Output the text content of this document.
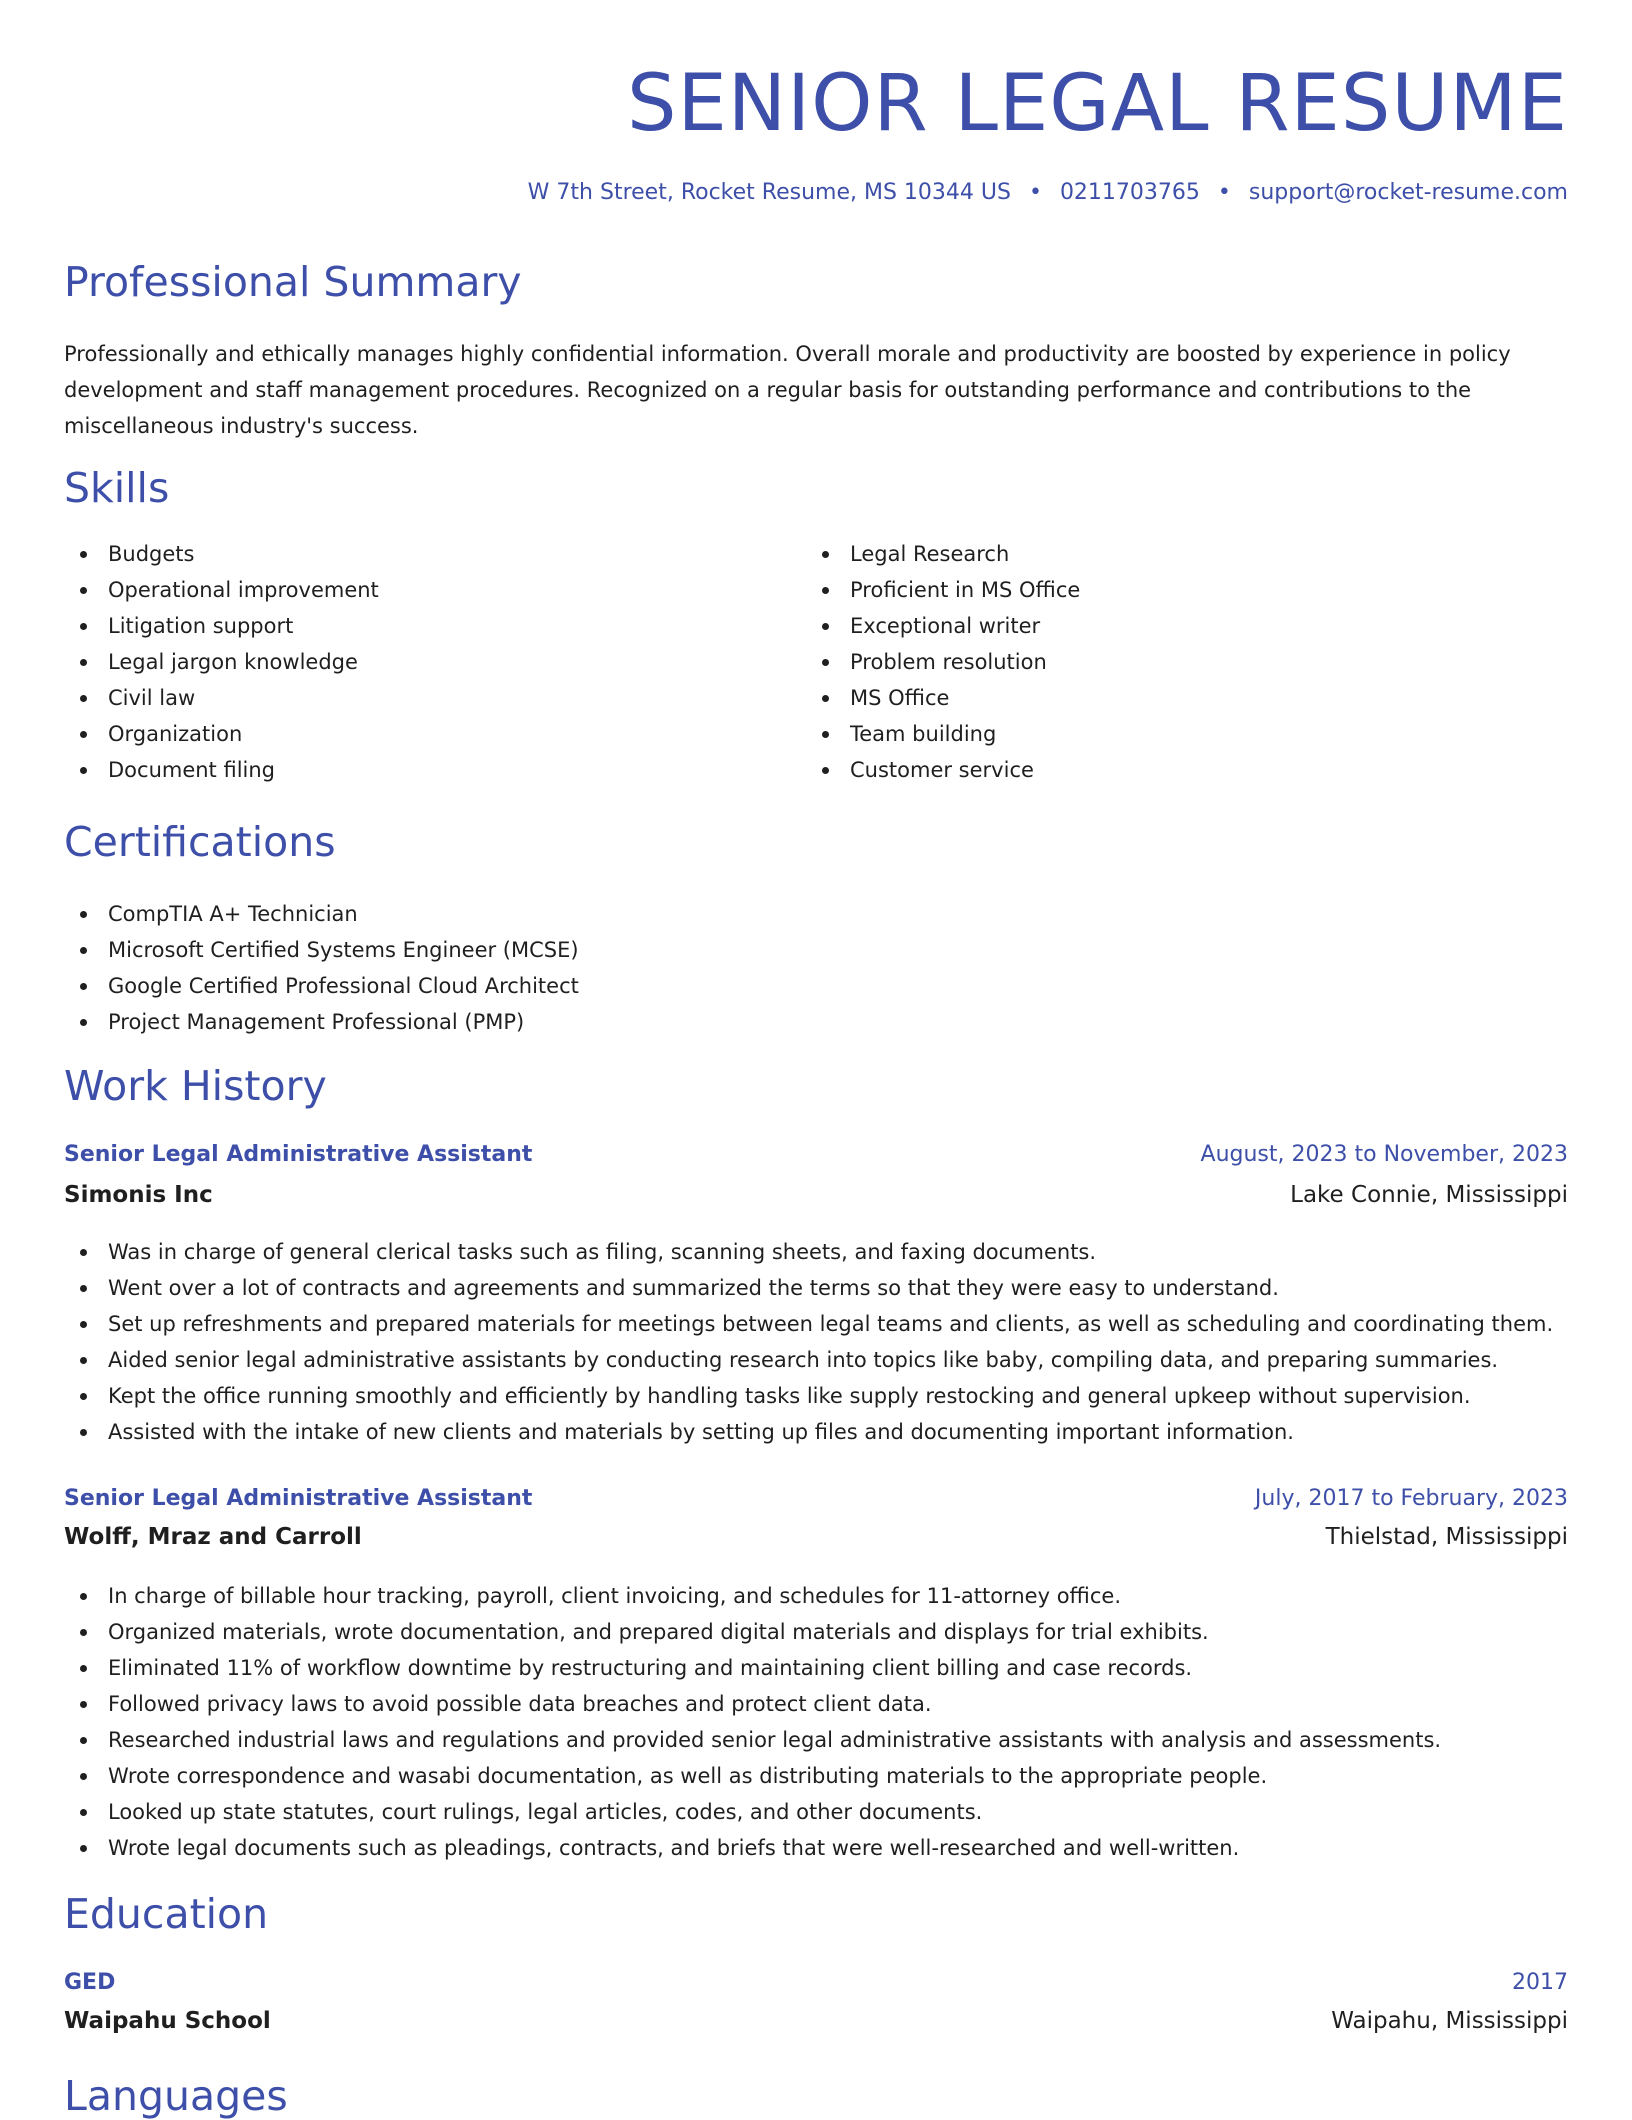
SENIOR LEGAL RESUME
W 7th Street, Rocket Resume, MS 10344 US • 0211703765 • support@rocket-resume.com
Professional Summary

Professionally and ethically manages highly confidential information. Overall morale and productivity are boosted by experience in policy development and staff management procedures. Recognized on a regular basis for outstanding performance and contributions to the miscellaneous industry's success.

Skills
Budgets
Operational improvement
Litigation support
Legal jargon knowledge
Civil law
Organization
Document filing
Legal Research
Proficient in MS Office
Exceptional writer
Problem resolution
MS Office
Team building
Customer service
Certifications
CompTIA A+ Technician
Microsoft Certified Systems Engineer (MCSE)
Google Certified Professional Cloud Architect
Project Management Professional (PMP)
Work History
Senior Legal Administrative Assistant	August, 2023 to November, 2023
Simonis Inc	Lake Connie, Mississippi
Was in charge of general clerical tasks such as filing, scanning sheets, and faxing documents.
Went over a lot of contracts and agreements and summarized the terms so that they were easy to understand.
Set up refreshments and prepared materials for meetings between legal teams and clients, as well as scheduling and coordinating them.
Aided senior legal administrative assistants by conducting research into topics like baby, compiling data, and preparing summaries.
Kept the office running smoothly and efficiently by handling tasks like supply restocking and general upkeep without supervision.
Assisted with the intake of new clients and materials by setting up files and documenting important information.
Senior Legal Administrative Assistant	July, 2017 to February, 2023
Wolff, Mraz and Carroll	Thielstad, Mississippi
In charge of billable hour tracking, payroll, client invoicing, and schedules for 11-attorney office.
Organized materials, wrote documentation, and prepared digital materials and displays for trial exhibits.
Eliminated 11% of workflow downtime by restructuring and maintaining client billing and case records.
Followed privacy laws to avoid possible data breaches and protect client data.
Researched industrial laws and regulations and provided senior legal administrative assistants with analysis and assessments.
Wrote correspondence and wasabi documentation, as well as distributing materials to the appropriate people.
Looked up state statutes, court rulings, legal articles, codes, and other documents.
Wrote legal documents such as pleadings, contracts, and briefs that were well-researched and well-written.
Education
GED	2017
Waipahu School	Waipahu, Mississippi
Languages
